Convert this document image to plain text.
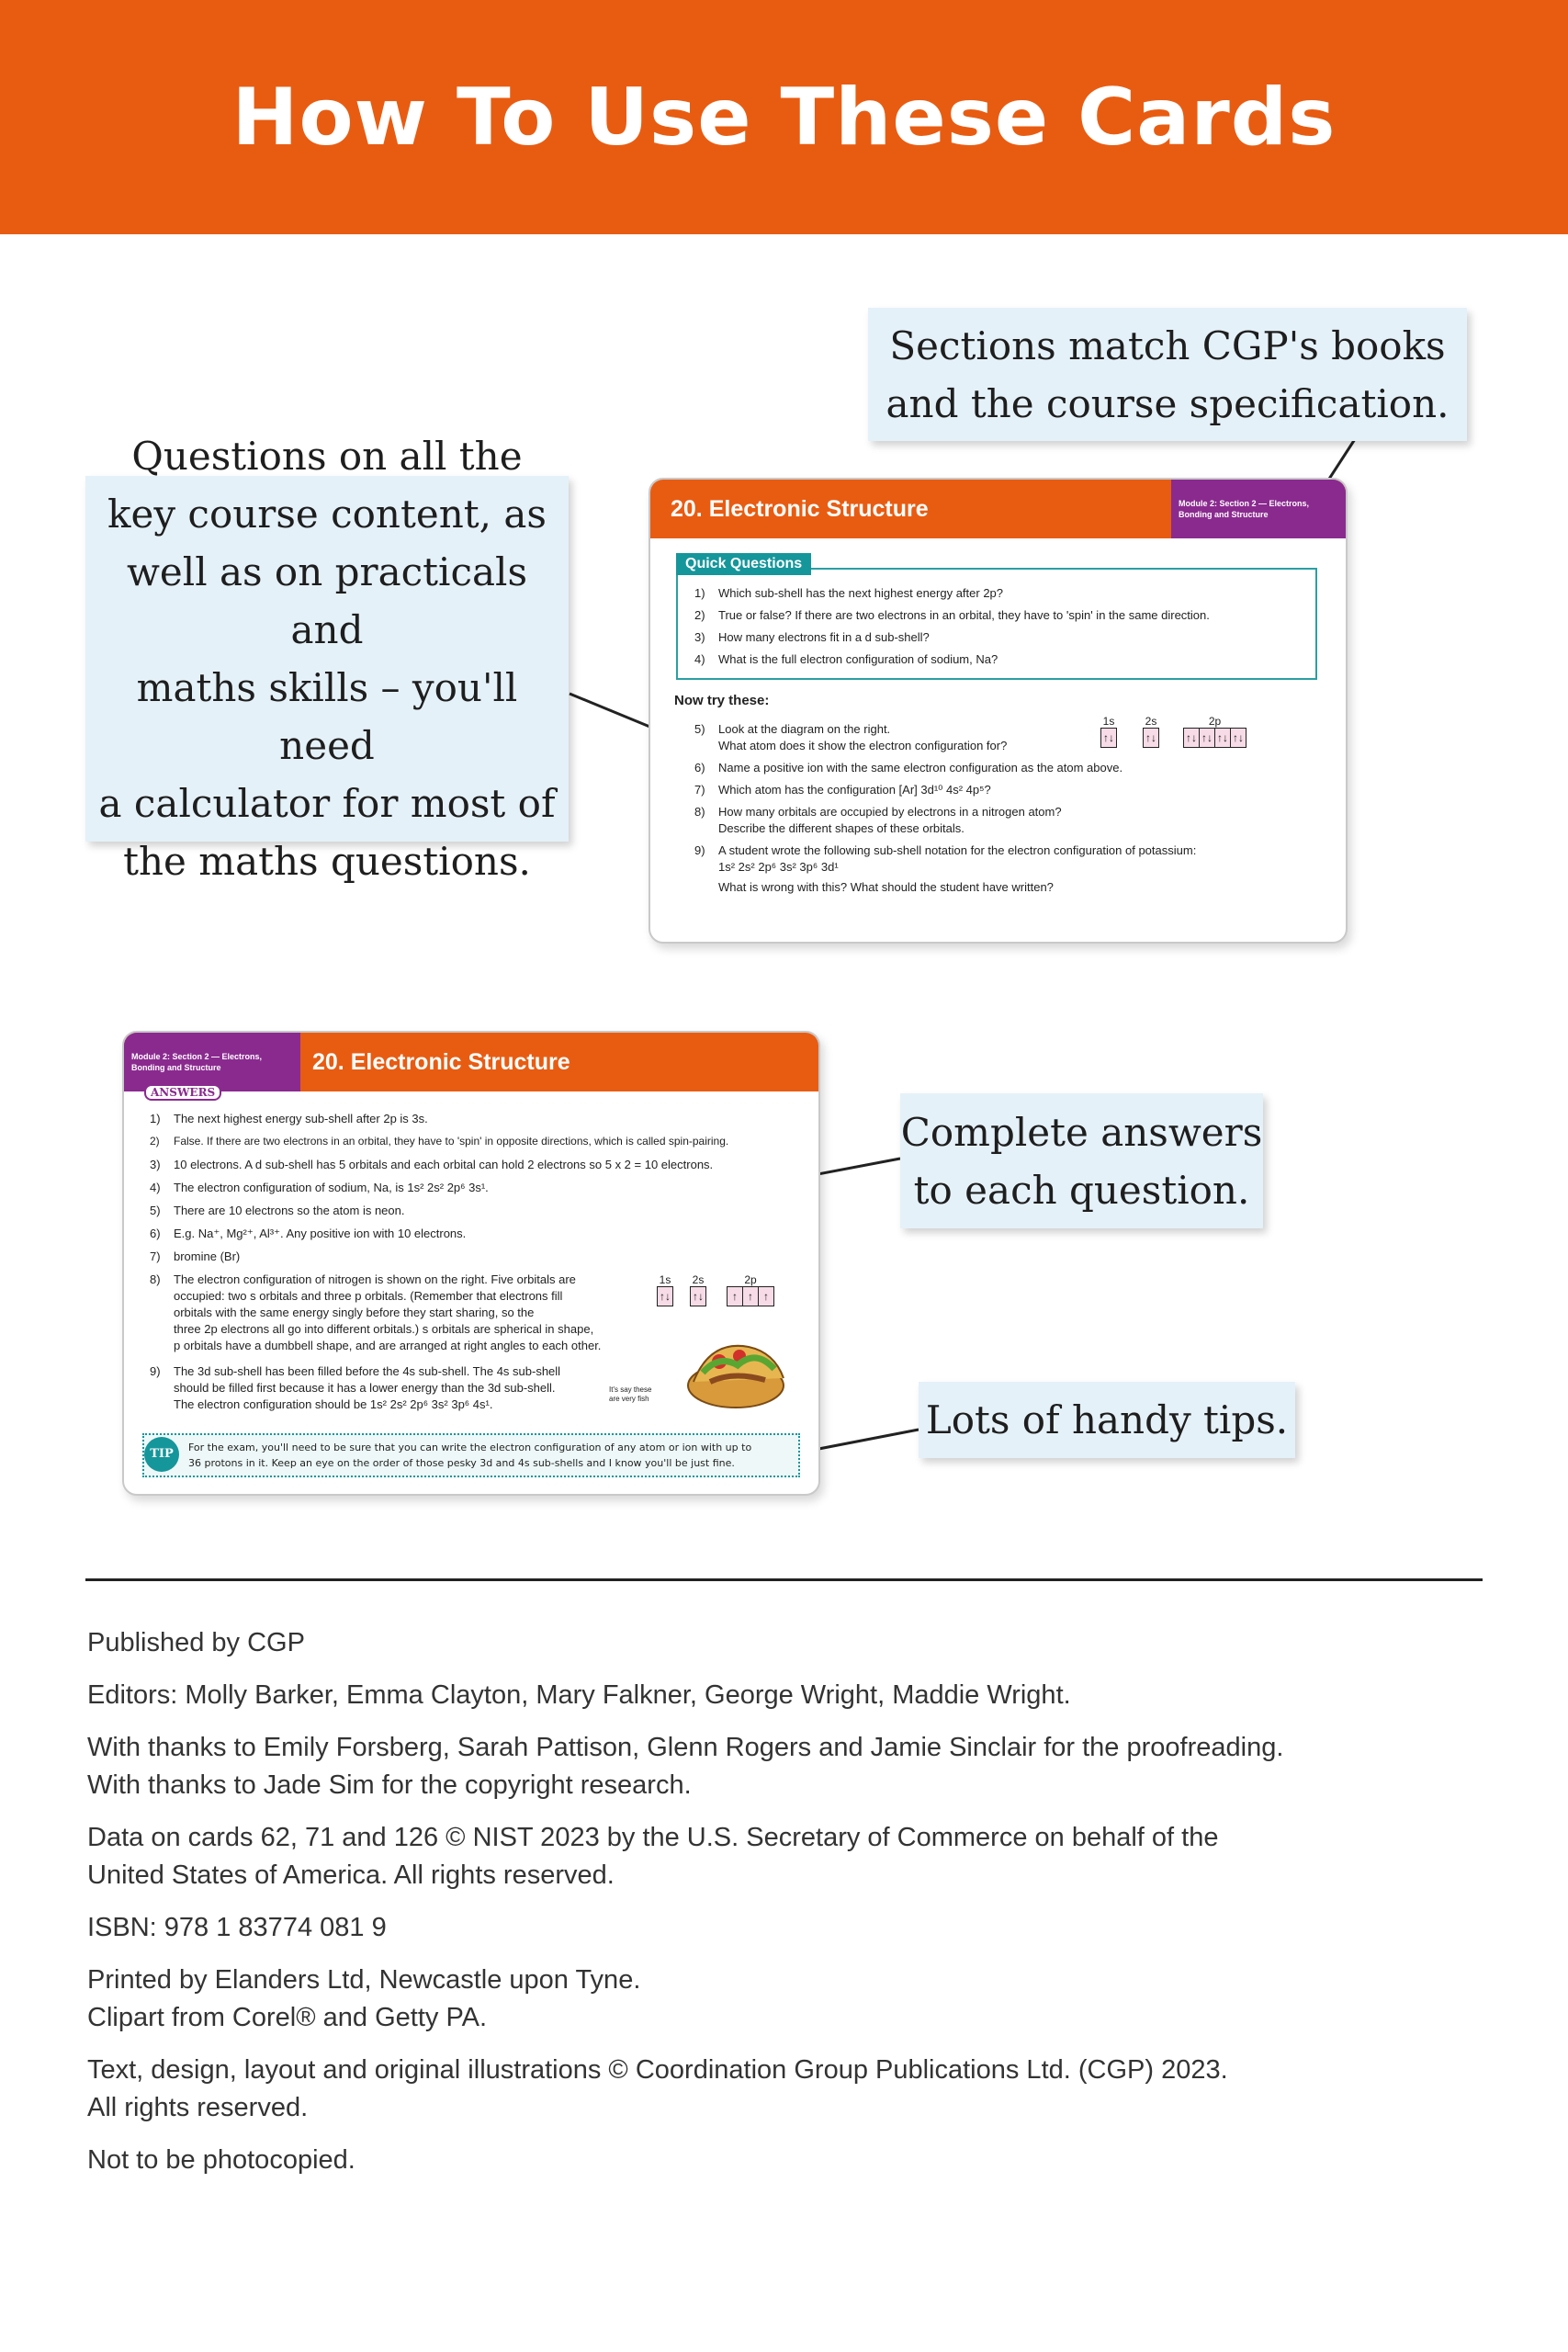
How To Use These Cards
Sections match CGP's books
and the course specification.
Questions on all the
key course content, as
well as on practicals and
maths skills – you'll need
a calculator for most of
the maths questions.
20. Electronic Structure	Module 2: Section 2 — Electrons,
Bonding and Structure
Quick Questions
1) Which sub-shell has the next highest energy after 2p?
2) True or false? If there are two electrons in an orbital, they have to 'spin' in the same direction.
3) How many electrons fit in a d sub-shell?
4) What is the full electron configuration of sodium, Na?
Now try these:
5) Look at the diagram on the right.
What atom does it show the electron configuration for?
6) Name a positive ion with the same electron configuration as the atom above.
7) Which atom has the configuration [Ar] 3d¹⁰ 4s² 4p⁵?
8) How many orbitals are occupied by electrons in a nitrogen atom?
Describe the different shapes of these orbitals.
9) A student wrote the following sub-shell notation for the electron configuration of potassium:
1s² 2s² 2p⁶ 3s² 3p⁶ 3d¹
What is wrong with this? What should the student have written?
1s
↑↓
2s
↑↓
2p
↑↓ ↑↓ ↑↓ ↑↓
Module 2: Section 2 — Electrons,
Bonding and Structure	20. Electronic Structure
ANSWERS
1) The next highest energy sub-shell after 2p is 3s.
2) False. If there are two electrons in an orbital, they have to 'spin' in opposite directions, which is called spin-pairing.
3) 10 electrons. A d sub-shell has 5 orbitals and each orbital can hold 2 electrons so 5 x 2 = 10 electrons.
4) The electron configuration of sodium, Na, is 1s² 2s² 2p⁶ 3s¹.
5) There are 10 electrons so the atom is neon.
6) E.g. Na⁺, Mg²⁺, Al³⁺. Any positive ion with 10 electrons.
7) bromine (Br)
8) The electron configuration of nitrogen is shown on the right. Five orbitals are
occupied: two s orbitals and three p orbitals. (Remember that electrons fill
orbitals with the same energy singly before they start sharing, so the
three 2p electrons all go into different orbitals.) s orbitals are spherical in shape,
p orbitals have a dumbbell shape, and are arranged at right angles to each other.
9) The 3d sub-shell has been filled before the 4s sub-shell. The 4s sub-shell
should be filled first because it has a lower energy than the 3d sub-shell.
The electron configuration should be 1s² 2s² 2p⁶ 3s² 3p⁶ 4s¹.
1s
↑↓
2s
↑↓
2p
↑ ↑ ↑
It's say these
are very fish
TIP	For the exam, you'll need to be sure that you can write the electron configuration of any atom or ion with up to
36 protons in it. Keep an eye on the order of those pesky 3d and 4s sub-shells and I know you'll be just fine.
Complete answers
to each question.
Lots of handy tips.

Published by CGP

Editors: Molly Barker, Emma Clayton, Mary Falkner, George Wright, Maddie Wright.

With thanks to Emily Forsberg, Sarah Pattison, Glenn Rogers and Jamie Sinclair for the proofreading.
With thanks to Jade Sim for the copyright research.

Data on cards 62, 71 and 126 © NIST 2023 by the U.S. Secretary of Commerce on behalf of the
United States of America. All rights reserved.

ISBN: 978 1 83774 081 9

Printed by Elanders Ltd, Newcastle upon Tyne.
Clipart from Corel® and Getty PA.

Text, design, layout and original illustrations © Coordination Group Publications Ltd. (CGP) 2023.
All rights reserved.

Not to be photocopied.
